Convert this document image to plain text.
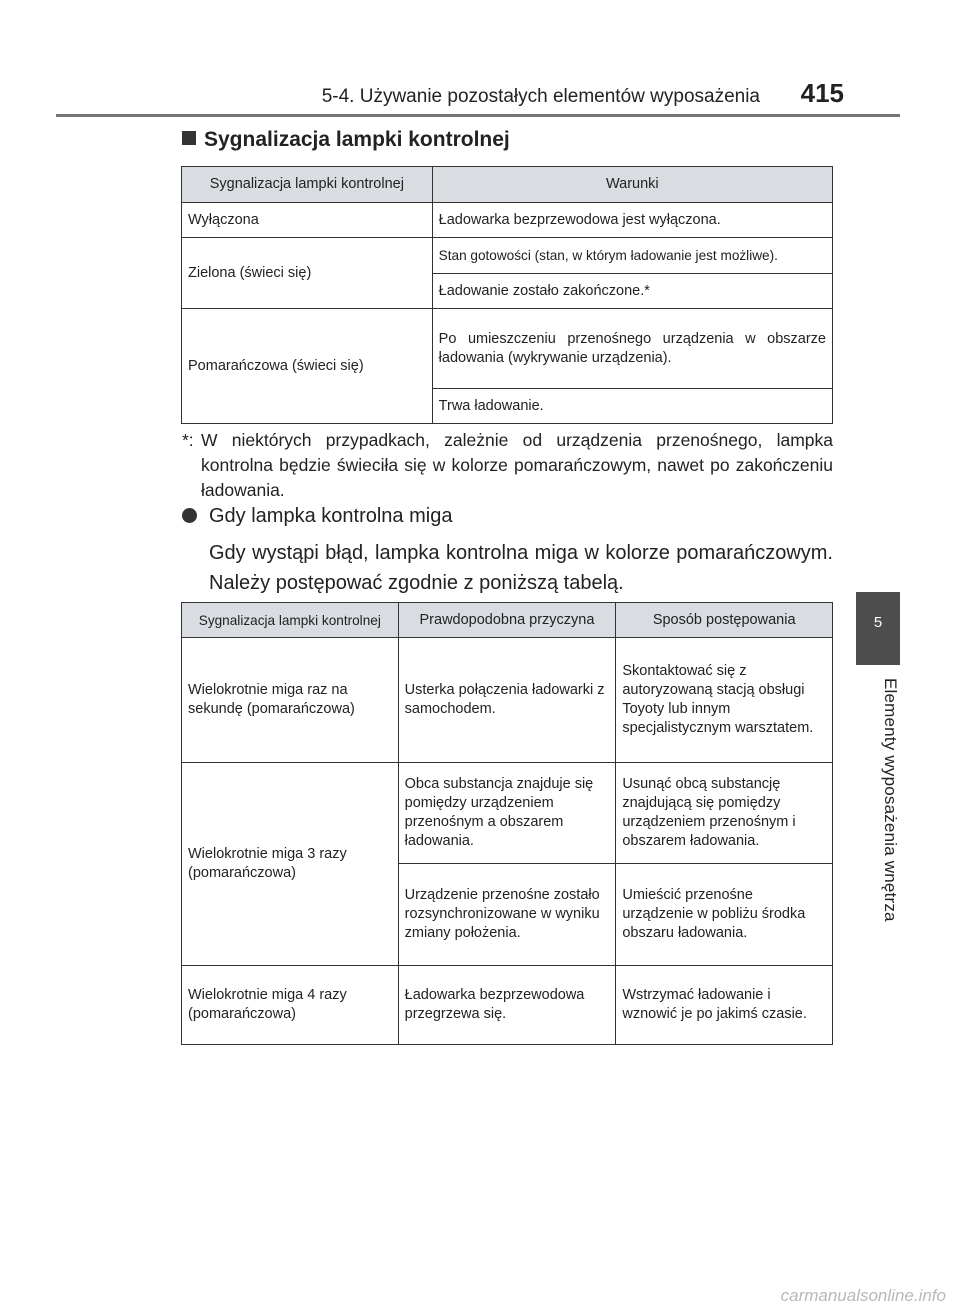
5-4. Używanie pozostałych elementów wyposażenia 415
5
Elementy wyposażenia wnętrza
Sygnalizacja lampki kontrolnej
Sygnalizacja lampki kontrolnej	Warunki
Wyłączona	Ładowarka bezprzewodowa jest wyłączona.
Zielona (świeci się)	Stan gotowości (stan, w którym ładowanie jest możliwe).
	Ładowanie zostało zakończone.*
Pomarańczowa (świeci się)	Po umieszczeniu przenośnego urządzenia w obszarze ładowania (wykrywanie urządzenia).
	Trwa ładowanie.
*: W niektórych przypadkach, zależnie od urządzenia przenośnego, lampka kontrolna będzie świeciła się w kolorze pomarańczowym, nawet po zakończeniu ładowania.
Gdy lampka kontrolna miga
Gdy wystąpi błąd, lampka kontrolna miga w kolorze pomarańczowym. Należy postępować zgodnie z poniższą tabelą.
Sygnalizacja lampki kontrolnej	Prawdopodobna przyczyna	Sposób postępowania
Wielokrotnie miga raz na sekundę (pomarańczowa)	Usterka połączenia ładowarki z samochodem.	Skontaktować się z autoryzowaną stacją obsługi Toyoty lub innym specjalistycznym warsztatem.
Wielokrotnie miga 3 razy (pomarańczowa)	Obca substancja znajduje się pomiędzy urządzeniem przenośnym a obszarem ładowania.	Usunąć obcą substancję znajdującą się pomiędzy urządzeniem przenośnym i obszarem ładowania.
	Urządzenie przenośne zostało rozsynchronizowane w wyniku zmiany położenia.	Umieścić przenośne urządzenie w pobliżu środka obszaru ładowania.
Wielokrotnie miga 4 razy (pomarańczowa)	Ładowarka bezprzewodowa przegrzewa się.	Wstrzymać ładowanie i wznowić je po jakimś czasie.
carmanualsonline.info
